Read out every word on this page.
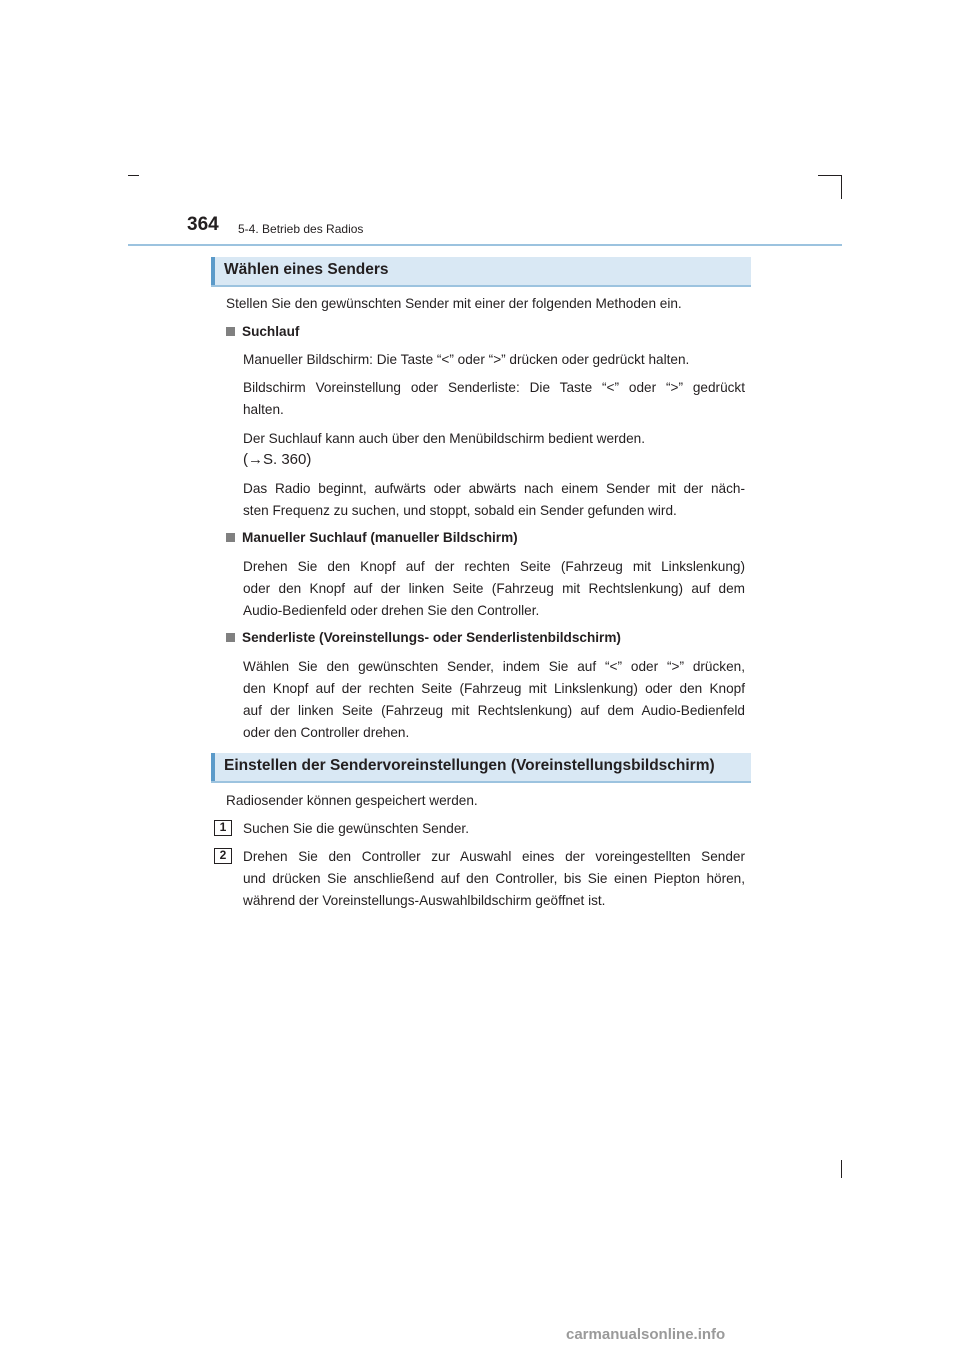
364 5-4. Betrieb des Radios
Wählen eines Senders

Stellen Sie den gewünschten Sender mit einer der folgenden Methoden ein.

Suchlauf

Manueller Bildschirm: Die Taste “<” oder “>” drücken oder gedrückt halten.

Bildschirm Voreinstellung oder Senderliste: Die Taste “<” oder “>” gedrückt

halten.

Der Suchlauf kann auch über den Menübildschirm bedient werden.

(→S. 360)

Das Radio beginnt, aufwärts oder abwärts nach einem Sender mit der näch-

sten Frequenz zu suchen, und stoppt, sobald ein Sender gefunden wird.

Manueller Suchlauf (manueller Bildschirm)

Drehen Sie den Knopf auf der rechten Seite (Fahrzeug mit Linkslenkung)

oder den Knopf auf der linken Seite (Fahrzeug mit Rechtslenkung) auf dem

Audio-Bedienfeld oder drehen Sie den Controller.

Senderliste (Voreinstellungs- oder Senderlistenbildschirm)

Wählen Sie den gewünschten Sender, indem Sie auf “<” oder “>” drücken,

den Knopf auf der rechten Seite (Fahrzeug mit Linkslenkung) oder den Knopf

auf der linken Seite (Fahrzeug mit Rechtslenkung) auf dem Audio-Bedienfeld

oder den Controller drehen.

Einstellen der Sendervoreinstellungen (Voreinstellungsbildschirm)

Radiosender können gespeichert werden.

1	Suchen Sie die gewünschten Sender.

2	Drehen Sie den Controller zur Auswahl eines der voreingestellten Sender

und drücken Sie anschließend auf den Controller, bis Sie einen Piepton hören,

während der Voreinstellungs-Auswahlbildschirm geöffnet ist.

carmanualsonline.info
